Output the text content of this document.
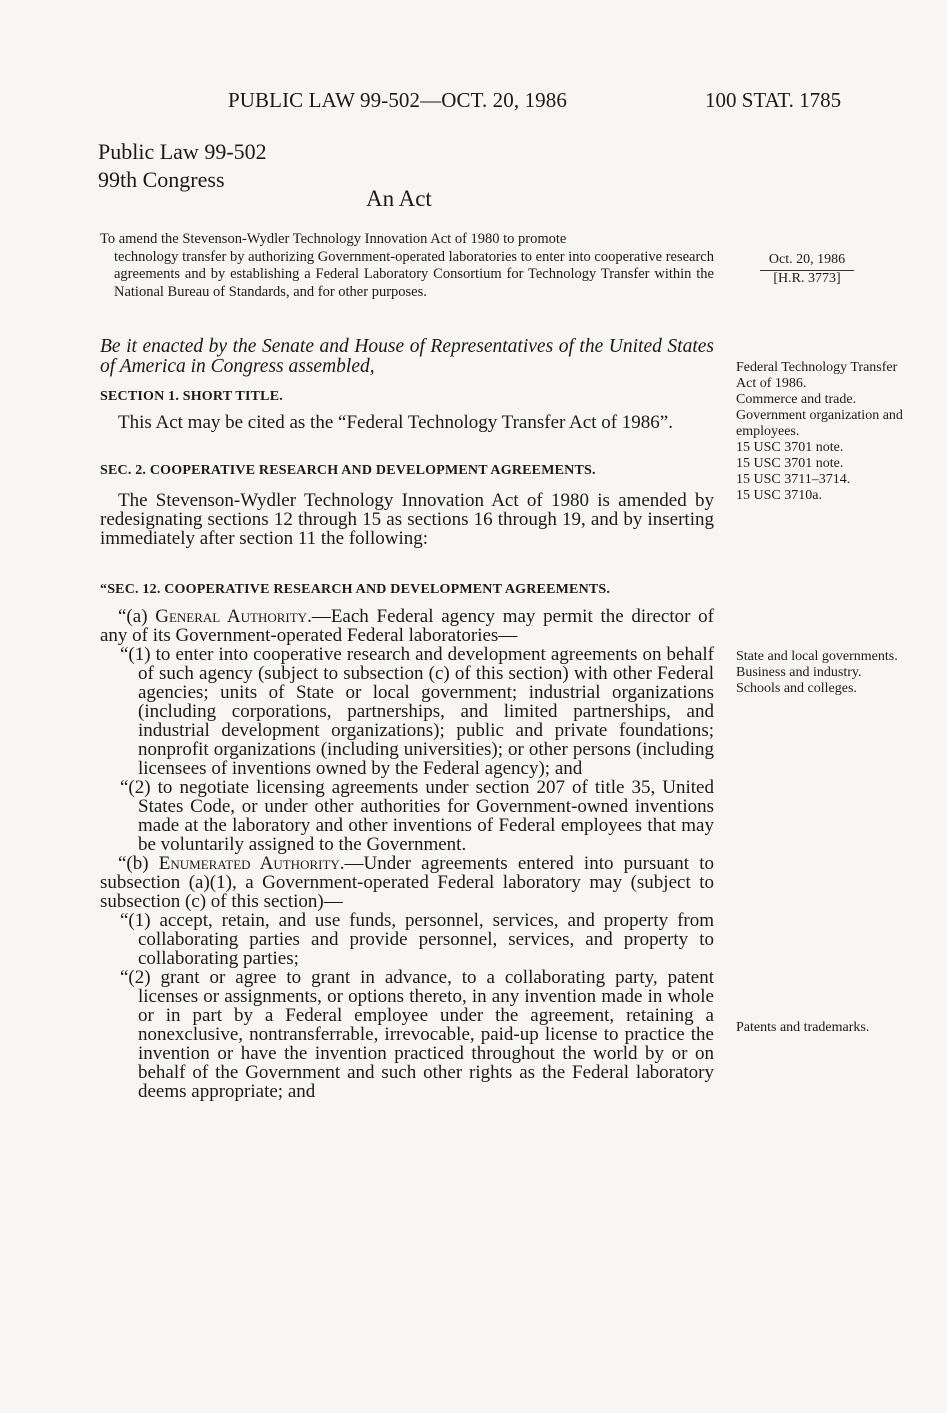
PUBLIC LAW 99-502—OCT. 20, 1986	100 STAT. 1785
Public Law 99-502
99th Congress
An Act
To amend the Stevenson-Wydler Technology Innovation Act of 1980 to promote
technology transfer by authorizing Government-operated laboratories to enter into cooperative research agreements and by establishing a Federal Laboratory Consortium for Technology Transfer within the National Bureau of Standards, and for other purposes.
Oct. 20, 1986
[H.R. 3773]
Be it enacted by the Senate and House of Representatives of the United States of America in Congress assembled,
SECTION 1. SHORT TITLE.
This Act may be cited as the “Federal Technology Transfer Act of 1986”.
SEC. 2. COOPERATIVE RESEARCH AND DEVELOPMENT AGREEMENTS.
The Stevenson-Wydler Technology Innovation Act of 1980 is amended by redesignating sections 12 through 15 as sections 16 through 19, and by inserting immediately after section 11 the following:
“SEC. 12. COOPERATIVE RESEARCH AND DEVELOPMENT AGREEMENTS.
“(a) General Authority.—Each Federal agency may permit the director of any of its Government-operated Federal laboratories—
“(1) to enter into cooperative research and development agreements on behalf of such agency (subject to subsection (c) of this section) with other Federal agencies; units of State or local government; industrial organizations (including corporations, partnerships, and limited partnerships, and industrial development organizations); public and private foundations; nonprofit organizations (including universities); or other persons (including licensees of inventions owned by the Federal agency); and
“(2) to negotiate licensing agreements under section 207 of title 35, United States Code, or under other authorities for Government-owned inventions made at the laboratory and other inventions of Federal employees that may be voluntarily assigned to the Government.
“(b) Enumerated Authority.—Under agreements entered into pursuant to subsection (a)(1), a Government-operated Federal laboratory may (subject to subsection (c) of this section)—
“(1) accept, retain, and use funds, personnel, services, and property from collaborating parties and provide personnel, services, and property to collaborating parties;
“(2) grant or agree to grant in advance, to a collaborating party, patent licenses or assignments, or options thereto, in any invention made in whole or in part by a Federal employee under the agreement, retaining a nonexclusive, nontransferrable, irrevocable, paid-up license to practice the invention or have the invention practiced throughout the world by or on behalf of the Government and such other rights as the Federal laboratory deems appropriate; and
Federal Technology Transfer Act of 1986.
Commerce and trade.
Government organization and employees.
15 USC 3701 note.
15 USC 3701 note.
15 USC 3711–3714.
15 USC 3710a.
State and local governments.
Business and industry.
Schools and colleges.
Patents and trademarks.
